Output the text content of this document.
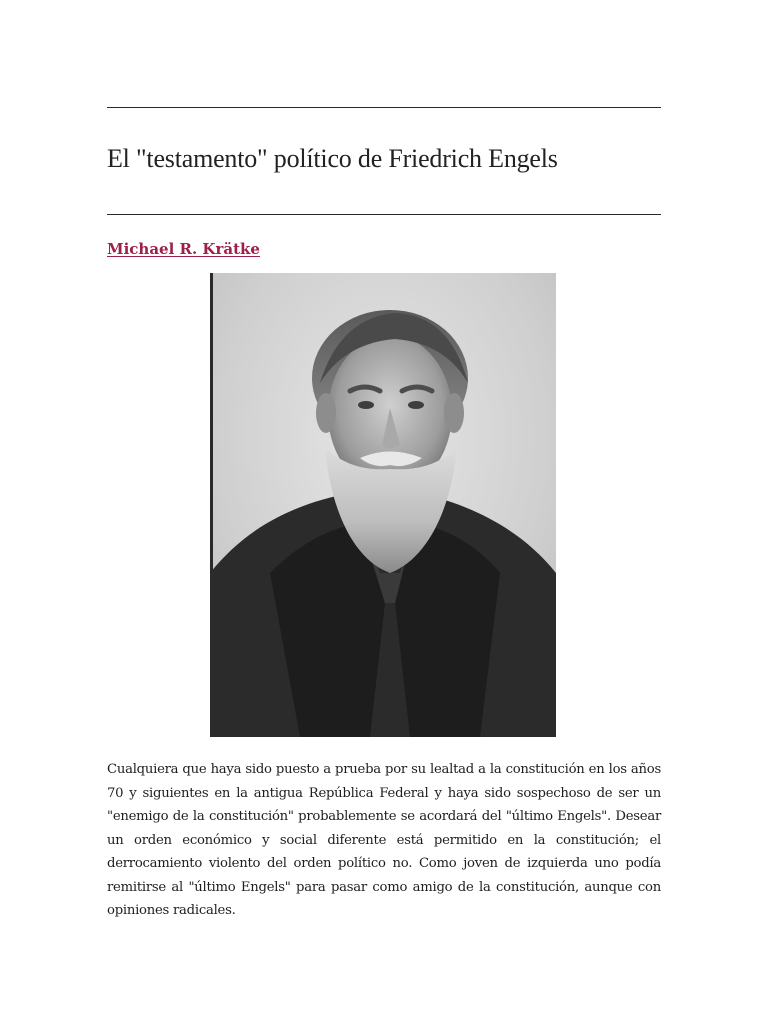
El "testamento" político de Friedrich Engels
Michael R. Krätke

Cualquiera que haya sido puesto a prueba por su lealtad a la constitución en los años 70 y siguientes en la antigua República Federal y haya sido sospechoso de ser un "enemigo de la constitución" probablemente se acordará del "último Engels". Desear un orden económico y social diferente está permitido en la constitución; el derrocamiento violento del orden político no. Como joven de izquierda uno podía remitirse al "último Engels" para pasar como amigo de la constitución, aunque con opiniones radicales.
